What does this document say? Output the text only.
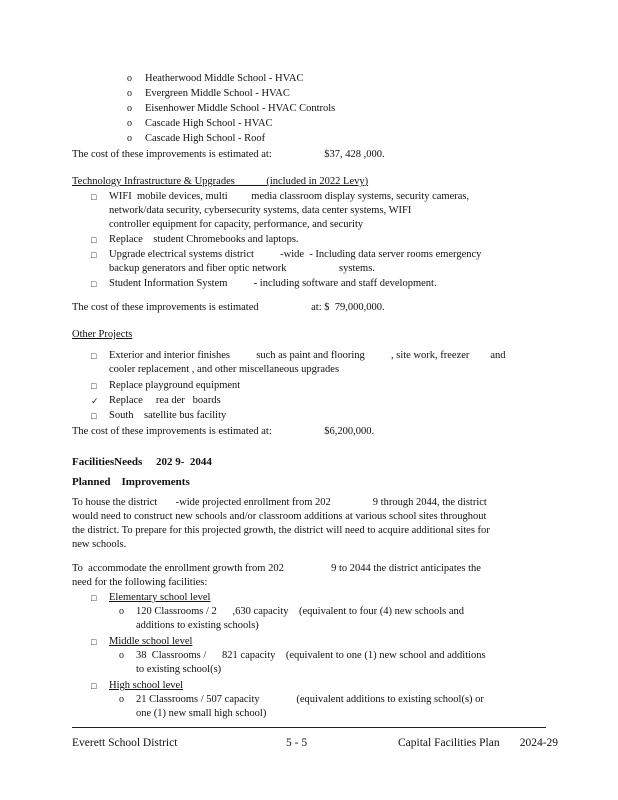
o Heatherwood Middle School - HVAC
o Evergreen Middle School - HVAC
o Eisenhower Middle School - HVAC Controls
o Cascade High School - HVAC
o Cascade High School - Roof
The cost of these improvements is estimated at:                    $37, 428 ,000.
Technology Infrastructure & Upgrades            (included in 2022 Levy)
□ WIFI  mobile devices, multi         media classroom display systems, security cameras, network/data security, cybersecurity systems, data center systems, WIFI                                  controller equipment for capacity, performance, and security
□ Replace    student Chromebooks and laptops.
□ Upgrade electrical systems district          -wide  - Including data server rooms emergency backup generators and fiber optic network                    systems.
□ Student Information System          - including software and staff development.
The cost of these improvements is estimated                    at: $  79,000,000.
Other Projects
□ Exterior and interior finishes          such as paint and flooring          , site work, freezer        and    cooler replacement , and other miscellaneous upgrades
□ Replace playground equipment
✓ Replace     rea der   boards
□ South    satellite bus facility
The cost of these improvements is estimated at:                    $6,200,000.
FacilitiesNeeds     202 9-  2044
Planned    Improvements
To house the district       -wide projected enrollment from 202                9 through 2044, the district would need to construct new schools and/or classroom additions at various school sites throughout the district. To prepare for this projected growth, the district will need to acquire additional sites for new schools.
To  accommodate the enrollment growth from 202                  9 to 2044 the district anticipates the need for the following facilities:
□ Elementary school level
o 120 Classrooms / 2      ,630 capacity    (equivalent to four (4) new schools and additions to existing schools)
□ Middle school level
o 38  Classrooms /      821 capacity    (equivalent to one (1) new school and additions to existing school(s)
□ High school level
o 21 Classrooms / 507 capacity              (equivalent additions to existing school(s) or one (1) new small high school)
Everett School District	5 - 5	Capital Facilities Plan       2024-29
